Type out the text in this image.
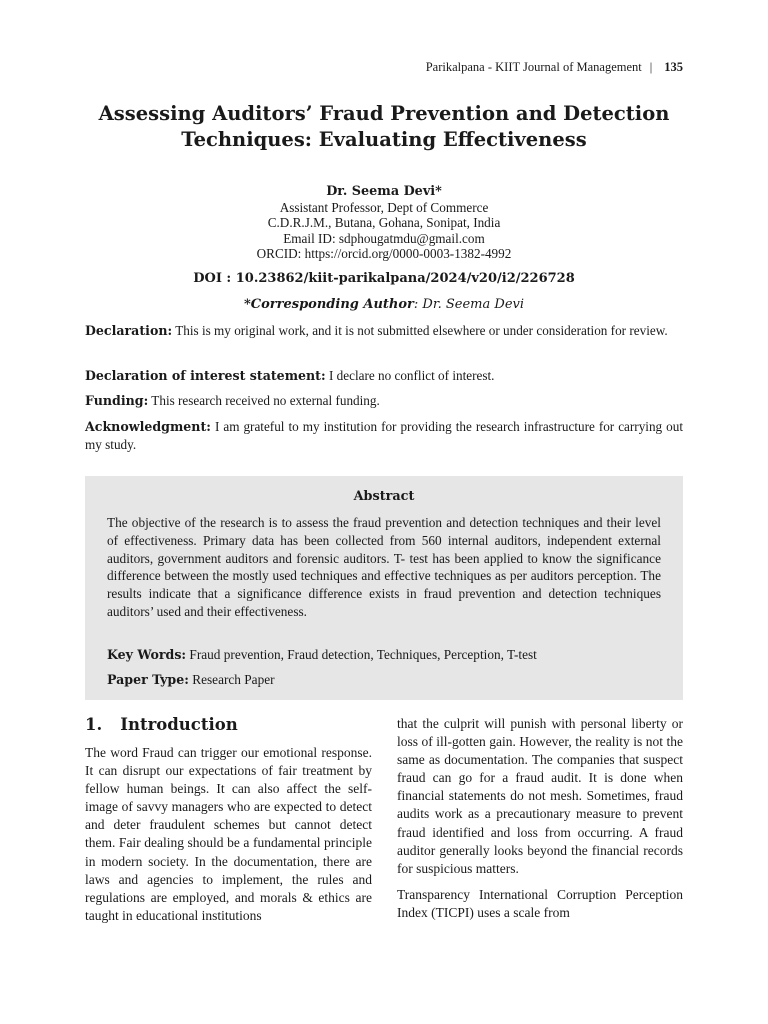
Parikalpana - KIIT Journal of Management | 135
Assessing Auditors’ Fraud Prevention and Detection
Techniques: Evaluating Effectiveness
Dr. Seema Devi*
Assistant Professor, Dept of Commerce
C.D.R.J.M., Butana, Gohana, Sonipat, India
Email ID: sdphougatmdu@gmail.com
ORCID: https://orcid.org/0000-0003-1382-4992
DOI : 10.23862/kiit-parikalpana/2024/v20/i2/226728
*Corresponding Author: Dr. Seema Devi
Declaration: This is my original work, and it is not submitted elsewhere or under consideration for review.
Declaration of interest statement: I declare no conflict of interest.
Funding: This research received no external funding.
Acknowledgment: I am grateful to my institution for providing the research infrastructure for carrying out my study.
Abstract
The objective of the research is to assess the fraud prevention and detection techniques and their level of effectiveness. Primary data has been collected from 560 internal auditors, independent external auditors, government auditors and forensic auditors. T- test has been applied to know the significance difference between the mostly used techniques and effective techniques as per auditors perception. The results indicate that a significance difference exists in fraud prevention and detection techniques auditors’ used and their effectiveness.
Key Words: Fraud prevention, Fraud detection, Techniques, Perception, T-test
Paper Type: Research Paper
1. Introduction

The word Fraud can trigger our emotional response. It can disrupt our expectations of fair treatment by fellow human beings. It can also affect the self-image of savvy managers who are expected to detect and deter fraudulent schemes but cannot detect them. Fair dealing should be a fundamental principle in modern society. In the documentation, there are laws and agencies to implement, the rules and regulations are employed, and morals & ethics are taught in educational institutions

that the culprit will punish with personal liberty or loss of ill-gotten gain. However, the reality is not the same as documentation. The companies that suspect fraud can go for a fraud audit. It is done when financial statements do not mesh. Sometimes, fraud audits work as a precautionary measure to prevent fraud identified and loss from occurring. A fraud auditor generally looks beyond the financial records for suspicious matters.

Transparency International Corruption Perception Index (TICPI) uses a scale from
